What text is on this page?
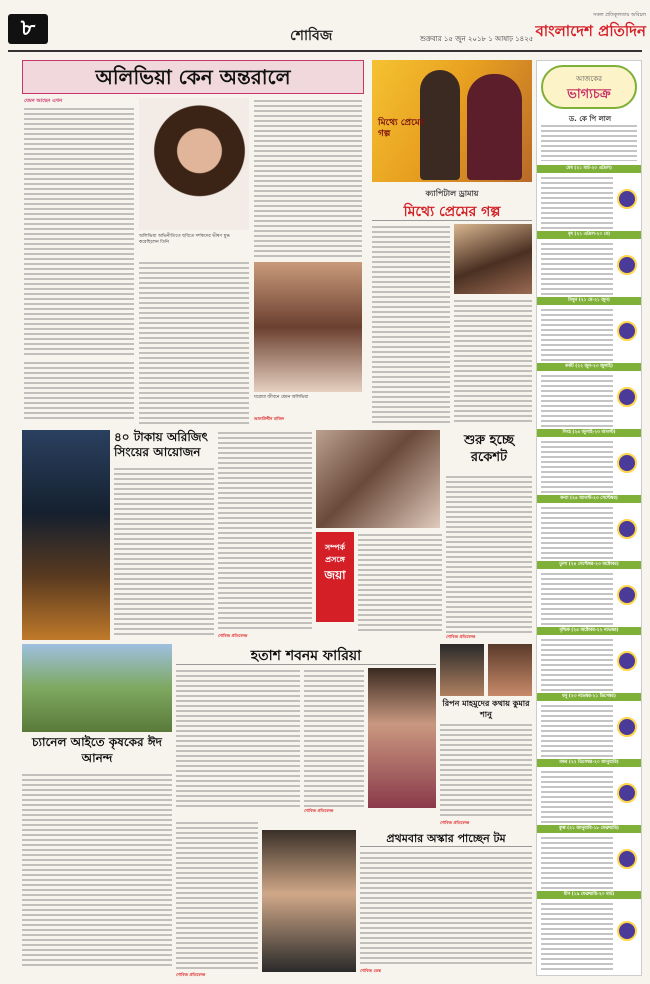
৮	শোবিজ	শুক্রবার ১৫ জুন ২০১৮ ১ আষাঢ় ১৪২৫
সকল প্রতিকূলতায় অবিচল
বাংলাদেশ প্রতিদিন
অলিভিয়া কেন অন্তরালে
যেমন আছেন এখন
অলিভিয়া অভিনীতিতে ছবিতে দর্শকদের ভীষণ মুগ্ধ করেছিলেন তিনি
ঘরোয়া জীবনে যেমন অলিভিয়া
আলাউদ্দীন মাজিদ
মিথ্যে প্রেমের গল্প
ক্যাপিটাল ড্রামায়
মিথ্যে প্রেমের গল্প
৪০ টাকায় অরিজিৎ সিংয়ের আয়োজন
শোবিজ প্রতিবেদক
শুরু হচ্ছে রকেশট
সম্পর্ক
প্রসঙ্গে
জয়া
শোবিজ প্রতিবেদক
হতাশ শবনম ফারিয়া
শোবিজ প্রতিবেদক
চ্যানেল আইতে কৃষকের ঈদ আনন্দ
শোবিজ প্রতিবেদক
রিপন মাহমুদের কথায় কুমার শানু
শোবিজ প্রতিবেদক
প্রথমবার অস্কার পাচ্ছেন টম
শোবিজ ডেস্ক
আজকের
ভাগ্যচক্র
ড. কে পি লাল
মেষ (২১ মার্চ-২০ এপ্রিল)
বৃষ (২১ এপ্রিল-২০ মে)
মিথুন (২১ মে-২১ জুন)
কর্কট (২২ জুন-২৩ জুলাই)
সিংহ (২৪ জুলাই-২৩ আগস্ট)
কন্যা (২৪ আগস্ট-২৩ সেপ্টেম্বর)
তুলা (২৪ সেপ্টেম্বর-২৩ অক্টোবর)
বৃশ্চিক (২৪ অক্টোবর-২২ নভেম্বর)
ধনু (২৩ নভেম্বর-২১ ডিসেম্বর)
মকর (২২ ডিসেম্বর-২০ জানুয়ারি)
কুম্ভ (২১ জানুয়ারি-১৮ ফেব্রুয়ারি)
মীন (১৯ ফেব্রুয়ারি-২০ মার্চ)
